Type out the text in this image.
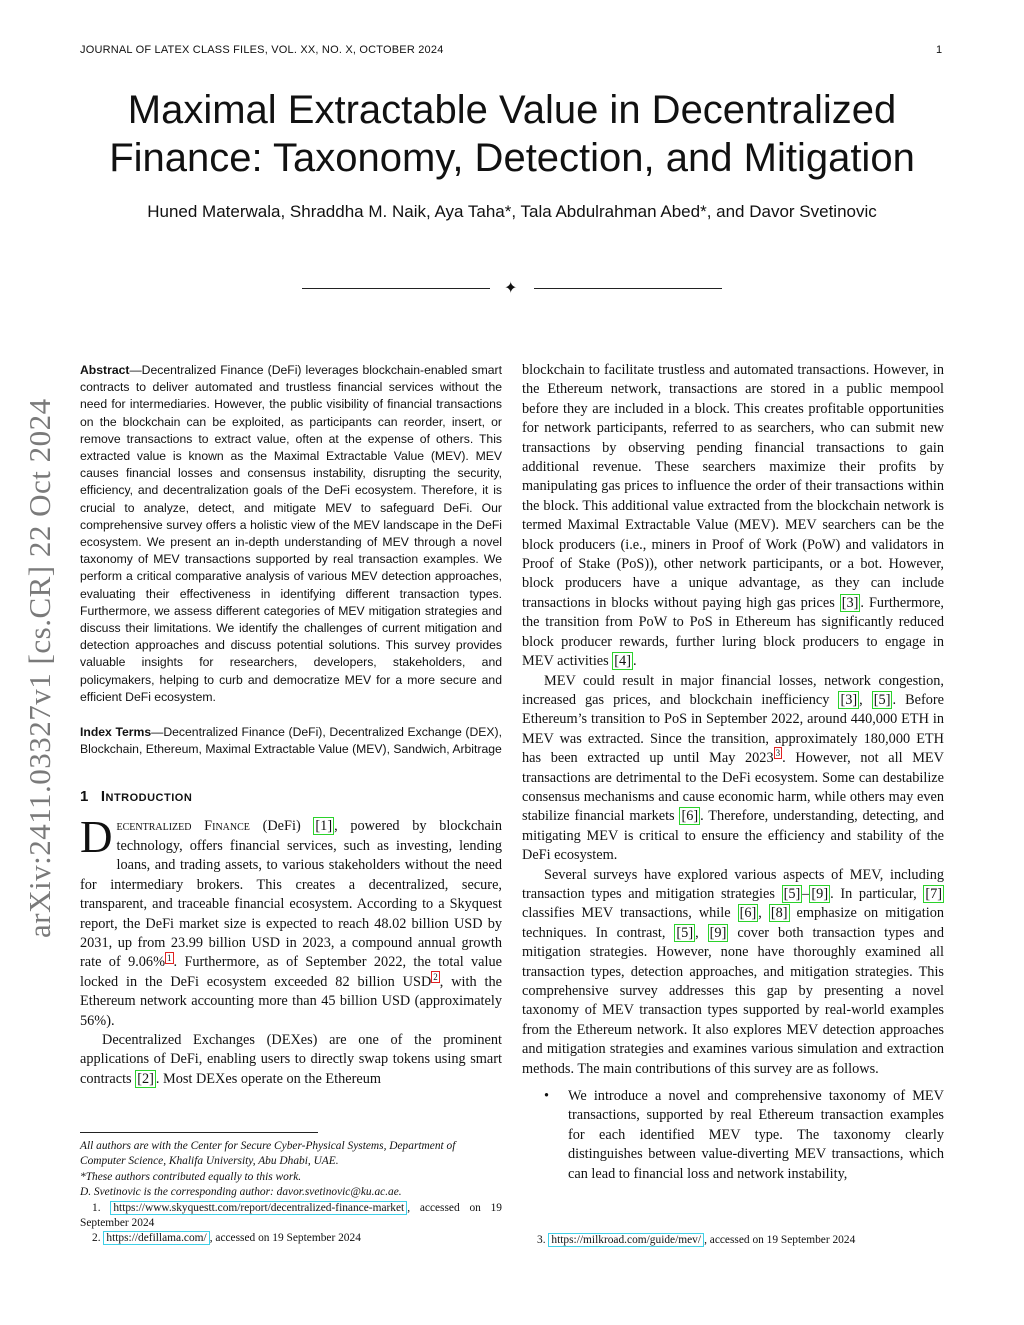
JOURNAL OF LATEX CLASS FILES, VOL. XX, NO. X, OCTOBER 2024	1
Maximal Extractable Value in Decentralized Finance: Taxonomy, Detection, and Mitigation
Huned Materwala, Shraddha M. Naik, Aya Taha*, Tala Abdulrahman Abed*, and Davor Svetinovic
✦
arXiv:2411.03327v1 [cs.CR] 22 Oct 2024

Abstract—Decentralized Finance (DeFi) leverages blockchain-enabled smart contracts to deliver automated and trustless financial services without the need for intermediaries. However, the public visibility of financial transactions on the blockchain can be exploited, as participants can reorder, insert, or remove transactions to extract value, often at the expense of others. This extracted value is known as the Maximal Extractable Value (MEV). MEV causes financial losses and consensus instability, disrupting the security, efficiency, and decentralization goals of the DeFi ecosystem. Therefore, it is crucial to analyze, detect, and mitigate MEV to safeguard DeFi. Our comprehensive survey offers a holistic view of the MEV landscape in the DeFi ecosystem. We present an in-depth understanding of MEV through a novel taxonomy of MEV transactions supported by real transaction examples. We perform a critical comparative analysis of various MEV detection approaches, evaluating their effectiveness in identifying different transaction types. Furthermore, we assess different categories of MEV mitigation strategies and discuss their limitations. We identify the challenges of current mitigation and detection approaches and discuss potential solutions. This survey provides valuable insights for researchers, developers, stakeholders, and policymakers, helping to curb and democratize MEV for a more secure and efficient DeFi ecosystem.

Index Terms—Decentralized Finance (DeFi), Decentralized Exchange (DEX), Blockchain, Ethereum, Maximal Extractable Value (MEV), Sandwich, Arbitrage

1 Introduction

Decentralized Finance (DeFi) [1] , powered by blockchain technology, offers financial services, such as investing, lending loans, and trading assets, to various stakeholders without the need for intermediary brokers. This creates a decentralized, secure, transparent, and traceable financial ecosystem. According to a Skyquest report, the DeFi market size is expected to reach 48.02 billion USD by 2031, up from 23.99 billion USD in 2023, a compound annual growth rate of 9.06% $^1$ . Furthermore, as of September 2022, the total value locked in the DeFi ecosystem exceeded 82 billion USD $^2$ , with the Ethereum network accounting more than 45 billion USD (approximately 56%).

Decentralized Exchanges (DEXes) are one of the prominent applications of DeFi, enabling users to directly swap tokens using smart contracts [2] . Most DEXes operate on the Ethereum

All authors are with the Center for Secure Cyber-Physical Systems, Department of Computer Science, Khalifa University, Abu Dhabi, UAE.

*These authors contributed equally to this work.

D. Svetinovic is the corresponding author: davor.svetinovic@ku.ac.ae.

1. https://www.skyquestt.com/report/decentralized-finance-market , accessed on 19 September 2024

2. https://defillama.com/ , accessed on 19 September 2024

blockchain to facilitate trustless and automated transactions. However, in the Ethereum network, transactions are stored in a public mempool before they are included in a block. This creates profitable opportunities for network participants, referred to as searchers, who can submit new transactions by observing pending financial transactions to gain additional revenue. These searchers maximize their profits by manipulating gas prices to influence the order of their transactions within the block. This additional value extracted from the blockchain network is termed Maximal Extractable Value (MEV). MEV searchers can be the block producers (i.e., miners in Proof of Work (PoW) and validators in Proof of Stake (PoS)), other network participants, or a bot. However, block producers have a unique advantage, as they can include transactions in blocks without paying high gas prices [3] . Furthermore, the transition from PoW to PoS in Ethereum has significantly reduced block producer rewards, further luring block producers to engage in MEV activities [4] .

MEV could result in major financial losses, network congestion, increased gas prices, and blockchain inefficiency [3] , [5] . Before Ethereum’s transition to PoS in September 2022, around 440,000 ETH in MEV was extracted. Since the transition, approximately 180,000 ETH has been extracted up until May 2023 $^3$ . However, not all MEV transactions are detrimental to the DeFi ecosystem. Some can destabilize consensus mechanisms and cause economic harm, while others may even stabilize financial markets [6] . Therefore, understanding, detecting, and mitigating MEV is critical to ensure the efficiency and stability of the DeFi ecosystem.

Several surveys have explored various aspects of MEV, including transaction types and mitigation strategies [5] – [9] . In particular, [7] classifies MEV transactions, while [6] , [8] emphasize on mitigation techniques. In contrast, [5] , [9] cover both transaction types and mitigation strategies. However, none have thoroughly examined all transaction types, detection approaches, and mitigation strategies. This comprehensive survey addresses this gap by presenting a novel taxonomy of MEV transaction types supported by real-world examples from the Ethereum network. It also explores MEV detection approaches and mitigation strategies and examines various simulation and extraction methods. The main contributions of this survey are as follows.

• We introduce a novel and comprehensive taxonomy of MEV transactions, supported by real Ethereum transaction examples for each identified MEV type. The taxonomy clearly distinguishes between value-diverting MEV transactions, which can lead to financial loss and network instability,
3. https://milkroad.com/guide/mev/ , accessed on 19 September 2024
